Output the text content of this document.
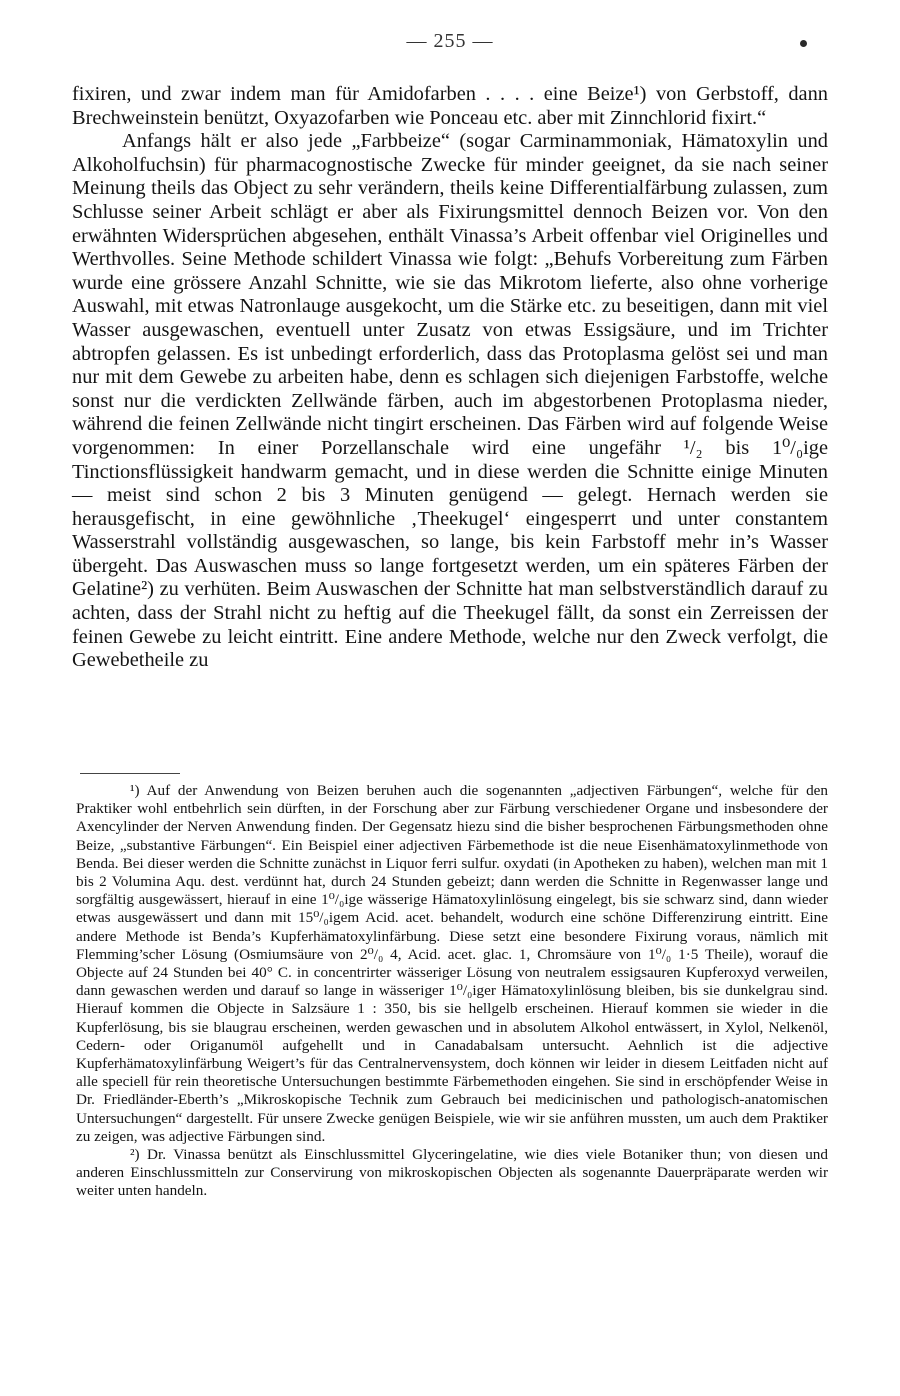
— 255 —

fixiren, und zwar indem man für Amidofarben . . . . eine Beize¹) von Gerbstoff, dann Brechweinstein benützt, Oxyazofarben wie Ponceau etc. aber mit Zinnchlorid fixirt.“

Anfangs hält er also jede „Farbbeize“ (sogar Carminammoniak, Hämatoxylin und Alkoholfuchsin) für pharmacognostische Zwecke für minder geeignet, da sie nach seiner Meinung theils das Object zu sehr verändern, theils keine Differentialfärbung zulassen, zum Schlusse seiner Arbeit schlägt er aber als Fixirungsmittel dennoch Beizen vor. Von den erwähnten Widersprüchen abgesehen, enthält Vinassa’s Arbeit offenbar viel Originelles und Werthvolles. Seine Methode schildert Vinassa wie folgt: „Behufs Vorbereitung zum Färben wurde eine grössere Anzahl Schnitte, wie sie das Mikrotom lieferte, also ohne vorherige Auswahl, mit etwas Natronlauge ausgekocht, um die Stärke etc. zu beseitigen, dann mit viel Wasser ausgewaschen, eventuell unter Zusatz von etwas Essigsäure, und im Trichter abtropfen gelassen. Es ist unbedingt erforderlich, dass das Protoplasma gelöst sei und man nur mit dem Gewebe zu arbeiten habe, denn es schlagen sich diejenigen Farbstoffe, welche sonst nur die verdickten Zellwände färben, auch im abgestorbenen Protoplasma nieder, während die feinen Zellwände nicht tingirt erscheinen. Das Färben wird auf folgende Weise vorgenommen: In einer Porzellanschale wird eine ungefähr ¹/₂ bis 1⁰/₀ige Tinctionsflüssigkeit handwarm gemacht, und in diese werden die Schnitte einige Minuten — meist sind schon 2 bis 3 Minuten genügend — gelegt. Hernach werden sie herausgefischt, in eine gewöhnliche ‚Theekugel‘ eingesperrt und unter constantem Wasserstrahl vollständig ausgewaschen, so lange, bis kein Farbstoff mehr in’s Wasser übergeht. Das Auswaschen muss so lange fortgesetzt werden, um ein späteres Färben der Gelatine²) zu verhüten. Beim Auswaschen der Schnitte hat man selbstverständlich darauf zu achten, dass der Strahl nicht zu heftig auf die Theekugel fällt, da sonst ein Zerreissen der feinen Gewebe zu leicht eintritt. Eine andere Methode, welche nur den Zweck verfolgt, die Gewebetheile zu

¹) Auf der Anwendung von Beizen beruhen auch die sogenannten „adjectiven Färbungen“, welche für den Praktiker wohl entbehrlich sein dürften, in der Forschung aber zur Färbung verschiedener Organe und insbesondere der Axencylinder der Nerven Anwendung finden. Der Gegensatz hiezu sind die bisher besprochenen Färbungsmethoden ohne Beize, „substantive Färbungen“. Ein Beispiel einer adjectiven Färbemethode ist die neue Eisenhämatoxylinmethode von Benda. Bei dieser werden die Schnitte zunächst in Liquor ferri sulfur. oxydati (in Apotheken zu haben), welchen man mit 1 bis 2 Volumina Aqu. dest. verdünnt hat, durch 24 Stunden gebeizt; dann werden die Schnitte in Regenwasser lange und sorgfältig ausgewässert, hierauf in eine 1⁰/₀ige wässerige Hämatoxylinlösung eingelegt, bis sie schwarz sind, dann wieder etwas ausgewässert und dann mit 15⁰/₀igem Acid. acet. behandelt, wodurch eine schöne Differenzirung eintritt. Eine andere Methode ist Benda’s Kupferhämatoxylinfärbung. Diese setzt eine besondere Fixirung voraus, nämlich mit Flemming’scher Lösung (Osmiumsäure von 2⁰/₀ 4, Acid. acet. glac. 1, Chromsäure von 1⁰/₀ 1·5 Theile), worauf die Objecte auf 24 Stunden bei 40° C. in concentrirter wässeriger Lösung von neutralem essigsauren Kupferoxyd verweilen, dann gewaschen werden und darauf so lange in wässeriger 1⁰/₀iger Hämatoxylinlösung bleiben, bis sie dunkelgrau sind. Hierauf kommen die Objecte in Salzsäure 1 : 350, bis sie hellgelb erscheinen. Hierauf kommen sie wieder in die Kupferlösung, bis sie blaugrau erscheinen, werden gewaschen und in absolutem Alkohol entwässert, in Xylol, Nelkenöl, Cedern- oder Origanumöl aufgehellt und in Canadabalsam untersucht. Aehnlich ist die adjective Kupferhämatoxylinfärbung Weigert’s für das Centralnervensystem, doch können wir leider in diesem Leitfaden nicht auf alle speciell für rein theoretische Untersuchungen bestimmte Färbemethoden eingehen. Sie sind in erschöpfender Weise in Dr. Friedländer-Eberth’s „Mikroskopische Technik zum Gebrauch bei medicinischen und pathologisch-anatomischen Untersuchungen“ dargestellt. Für unsere Zwecke genügen Beispiele, wie wir sie anführen mussten, um auch dem Praktiker zu zeigen, was adjective Färbungen sind.

²) Dr. Vinassa benützt als Einschlussmittel Glyceringelatine, wie dies viele Botaniker thun; von diesen und anderen Einschlussmitteln zur Conservirung von mikroskopischen Objecten als sogenannte Dauerpräparate werden wir weiter unten handeln.
